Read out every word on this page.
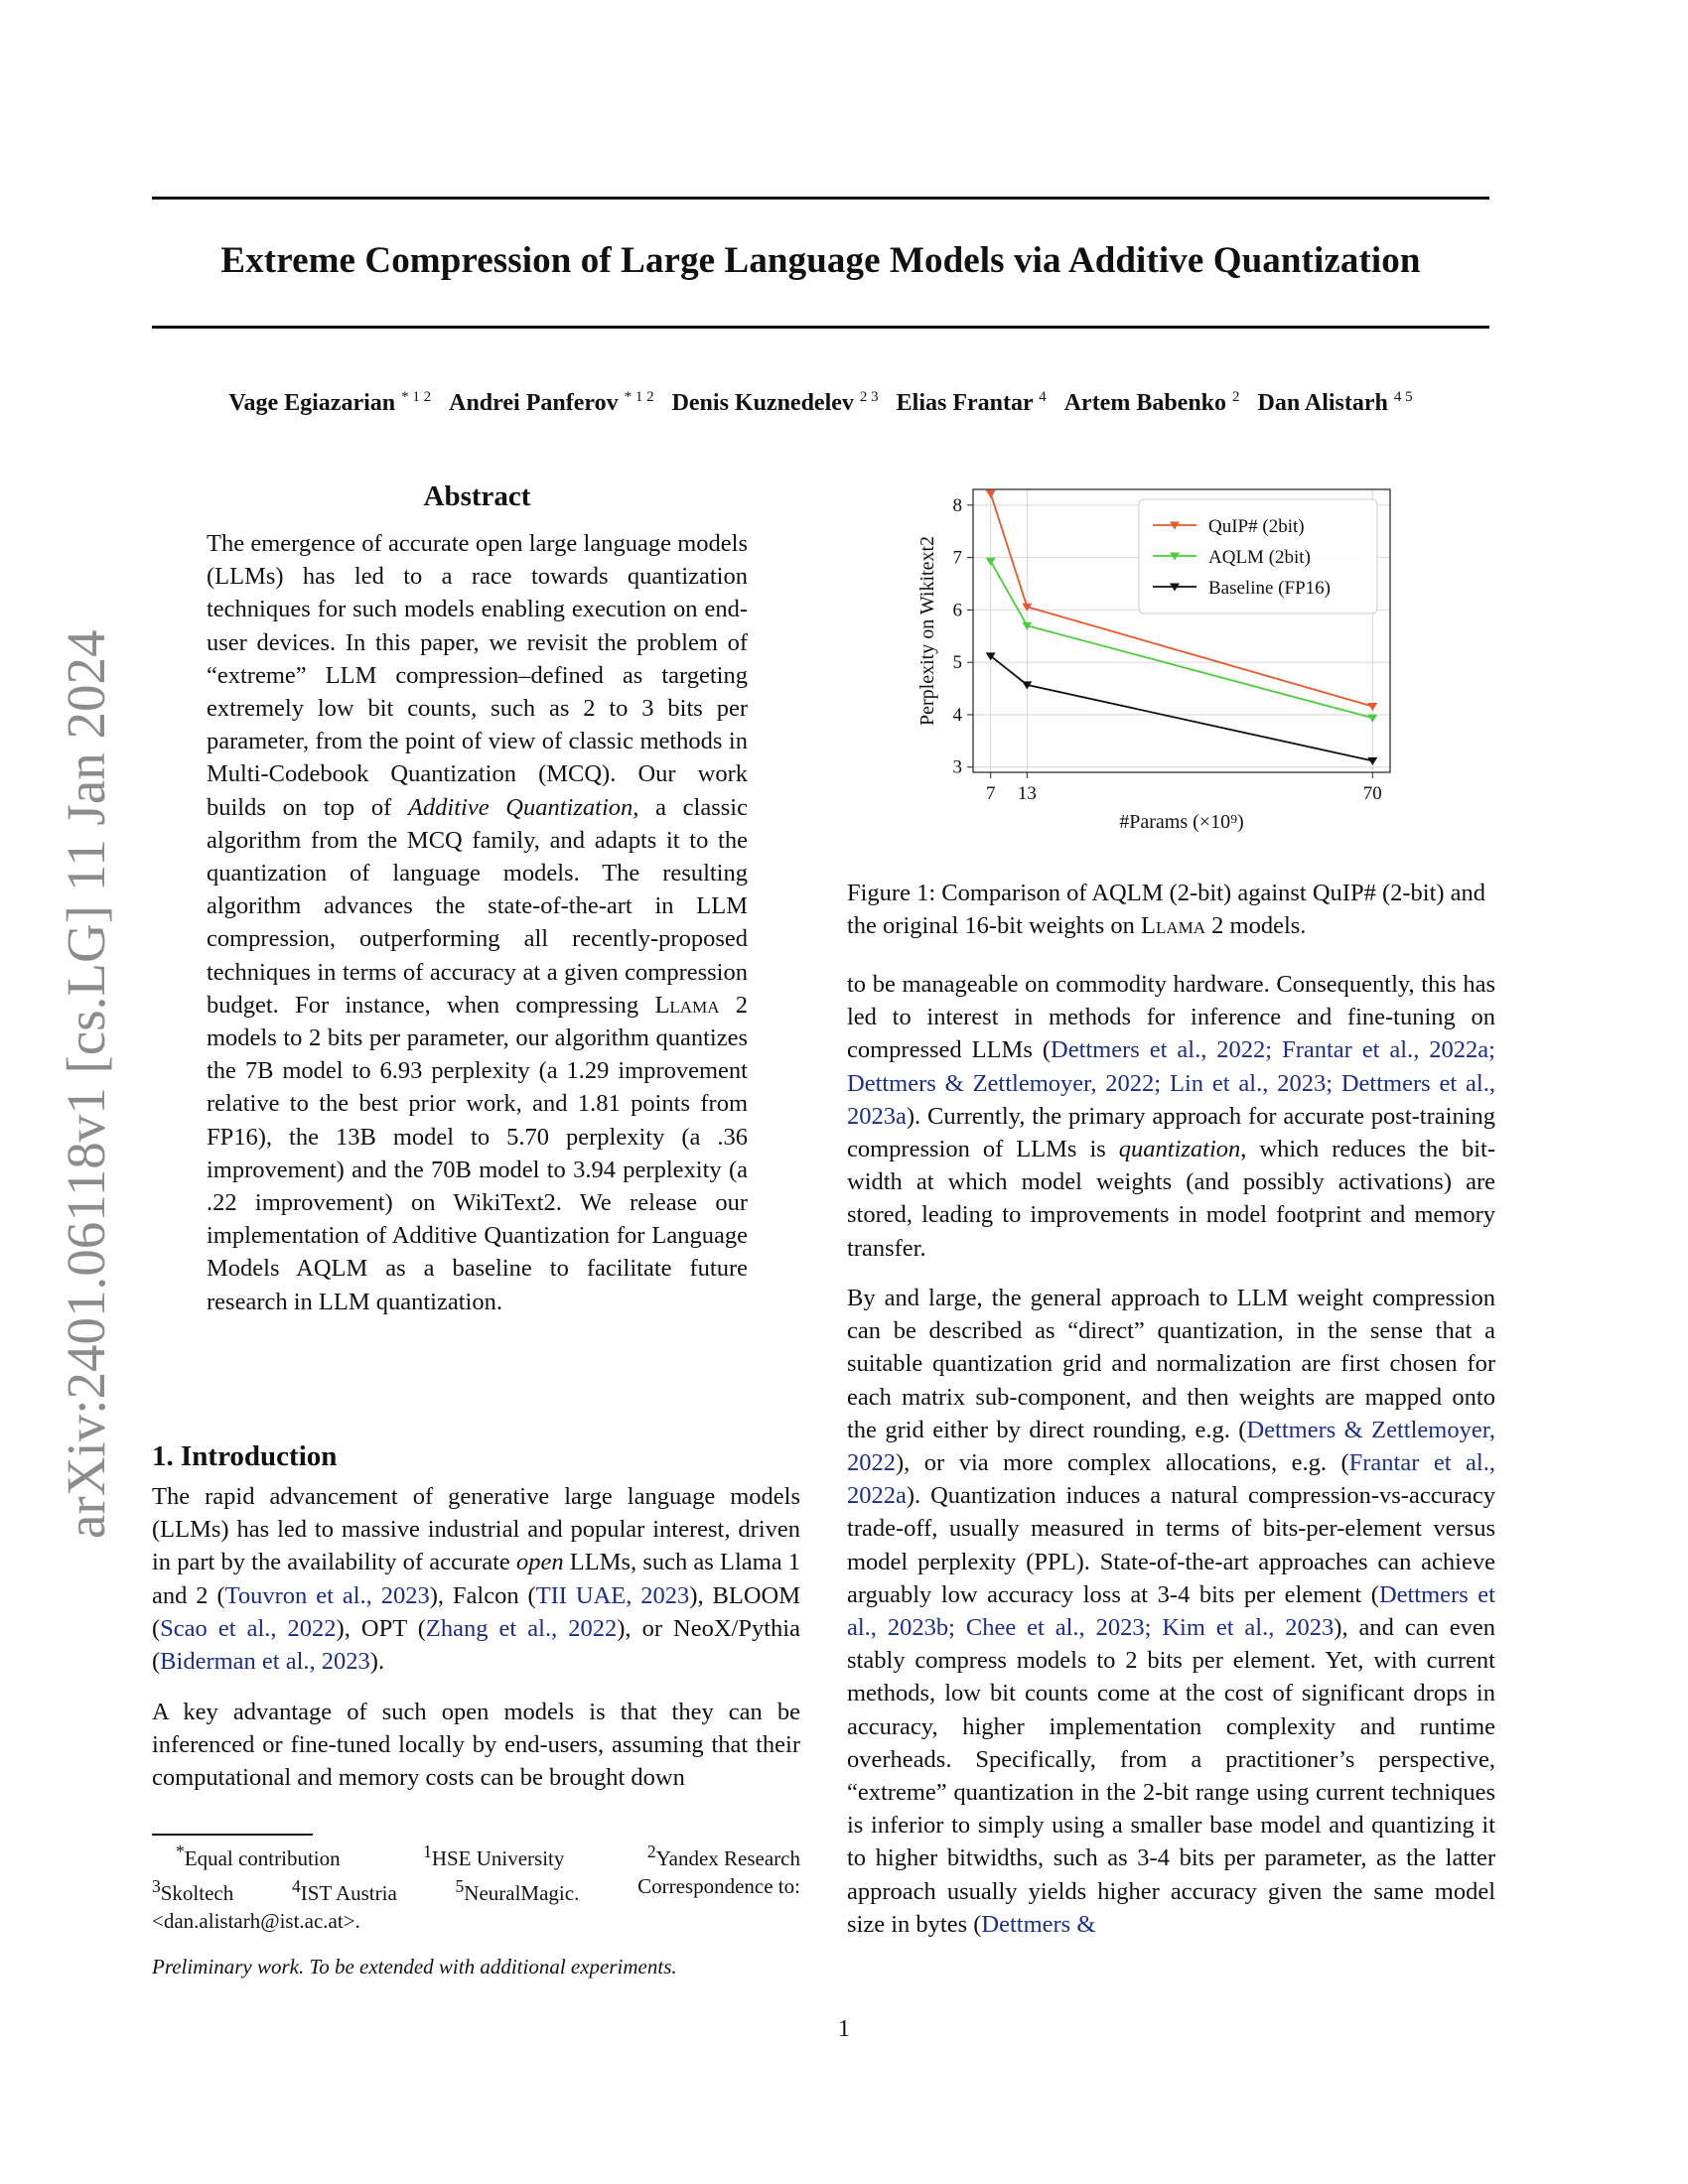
Extreme Compression of Large Language Models via Additive Quantization
Vage Egiazarian $^{* 1 2}$ Andrei Panferov $^{* 1 2}$ Denis Kuznedelev $^{2 3}$ Elias Frantar $^4$ Artem Babenko $^2$ Dan Alistarh $^{4 5}$
arXiv:2401.06118v1 [cs.LG] 11 Jan 2024
Abstract
The emergence of accurate open large language models (LLMs) has led to a race towards quantization techniques for such models enabling execution on end-user devices. In this paper, we revisit the problem of “extreme” LLM compression–defined as targeting extremely low bit counts, such as 2 to 3 bits per parameter, from the point of view of classic methods in Multi-Codebook Quantization (MCQ). Our work builds on top of Additive Quantization, a classic algorithm from the MCQ family, and adapts it to the quantization of language models. The resulting algorithm advances the state-of-the-art in LLM compression, outperforming all recently-proposed techniques in terms of accuracy at a given compression budget. For instance, when compressing Llama 2 models to 2 bits per parameter, our algorithm quantizes the 7B model to 6.93 perplexity (a 1.29 improvement relative to the best prior work, and 1.81 points from FP16), the 13B model to 5.70 perplexity (a .36 improvement) and the 70B model to 3.94 perplexity (a .22 improvement) on WikiText2. We release our implementation of Additive Quantization for Language Models AQLM as a baseline to facilitate future research in LLM quantization.
1. Introduction
The rapid advancement of generative large language models (LLMs) has led to massive industrial and popular interest, driven in part by the availability of accurate open LLMs, such as Llama 1 and 2 (Touvron et al., 2023), Falcon (TII UAE, 2023), BLOOM (Scao et al., 2022), OPT (Zhang et al., 2022), or NeoX/Pythia (Biderman et al., 2023).
A key advantage of such open models is that they can be inferenced or fine-tuned locally by end-users, assuming that their computational and memory costs can be brought down
*Equal contribution	$^1$HSE University	$^2$Yandex Research
$^3$Skoltech	$^4$IST Austria	$^5$NeuralMagic.	Correspondence to:
<dan.alistarh@ist.ac.at>.
Preliminary work. To be extended with additional experiments.
7 13	70
3
4
5
6
7
8
#Params (×10⁹)
Perplexity on Wikitext2
QuIP# (2bit)
AQLM (2bit)
Baseline (FP16)
Figure 1: Comparison of AQLM (2-bit) against QuIP# (2-bit) and the original 16-bit weights on Llama 2 models.
to be manageable on commodity hardware. Consequently, this has led to interest in methods for inference and fine-tuning on compressed LLMs (Dettmers et al., 2022; Frantar et al., 2022a; Dettmers & Zettlemoyer, 2022; Lin et al., 2023; Dettmers et al., 2023a). Currently, the primary approach for accurate post-training compression of LLMs is quantization, which reduces the bit-width at which model weights (and possibly activations) are stored, leading to improvements in model footprint and memory transfer.
By and large, the general approach to LLM weight compression can be described as “direct” quantization, in the sense that a suitable quantization grid and normalization are first chosen for each matrix sub-component, and then weights are mapped onto the grid either by direct rounding, e.g. (Dettmers & Zettlemoyer, 2022), or via more complex allocations, e.g. (Frantar et al., 2022a). Quantization induces a natural compression-vs-accuracy trade-off, usually measured in terms of bits-per-element versus model perplexity (PPL). State-of-the-art approaches can achieve arguably low accuracy loss at 3-4 bits per element (Dettmers et al., 2023b; Chee et al., 2023; Kim et al., 2023), and can even stably compress models to 2 bits per element. Yet, with current methods, low bit counts come at the cost of significant drops in accuracy, higher implementation complexity and runtime overheads. Specifically, from a practitioner’s perspective, “extreme” quantization in the 2-bit range using current techniques is inferior to simply using a smaller base model and quantizing it to higher bitwidths, such as 3-4 bits per parameter, as the latter approach usually yields higher accuracy given the same model size in bytes (Dettmers &
1
